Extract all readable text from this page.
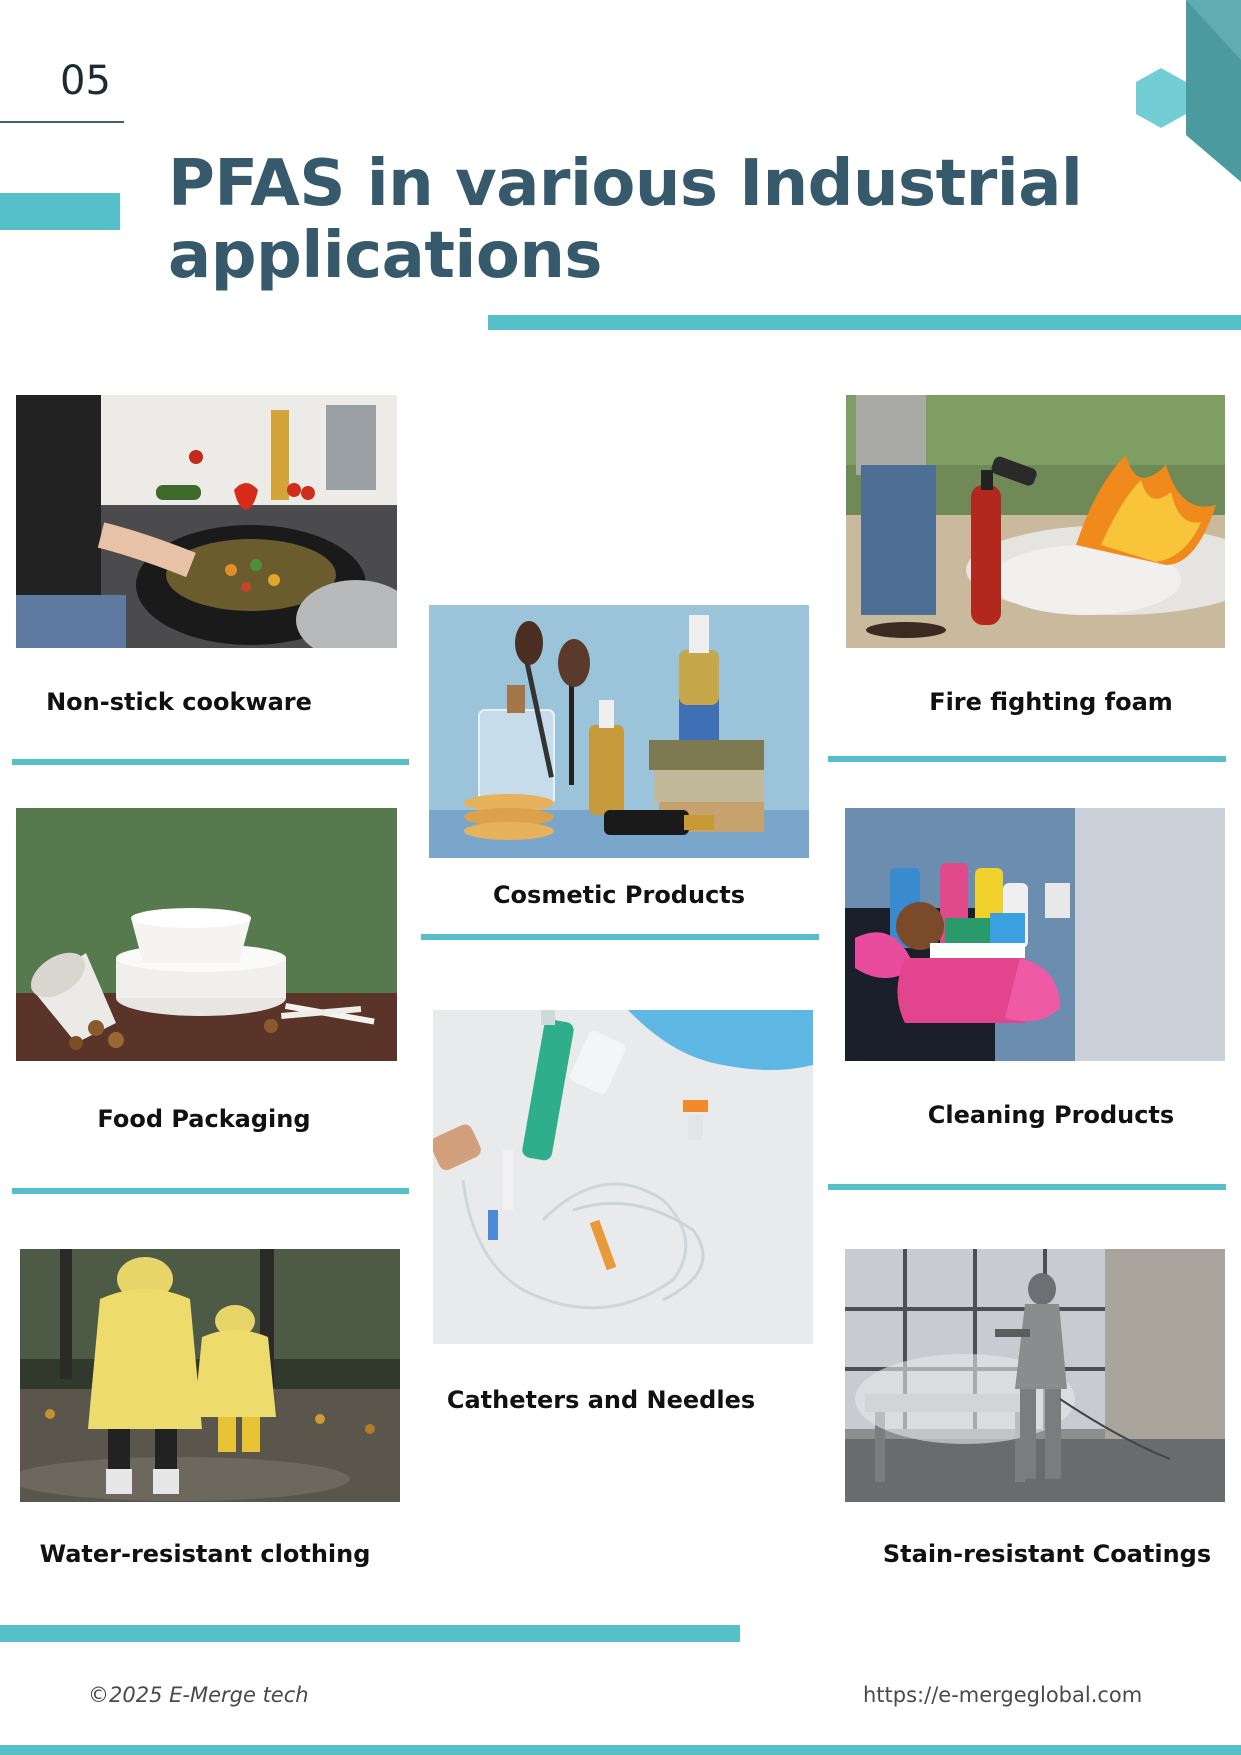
05
PFAS in various Industrial
applications
Non-stick cookware	Fire fighting foam
Cosmetic Products
Food Packaging	Cleaning Products
Catheters and Needles
Water-resistant clothing	Stain-resistant Coatings
©2025 E-Merge tech	https://e-mergeglobal.com
